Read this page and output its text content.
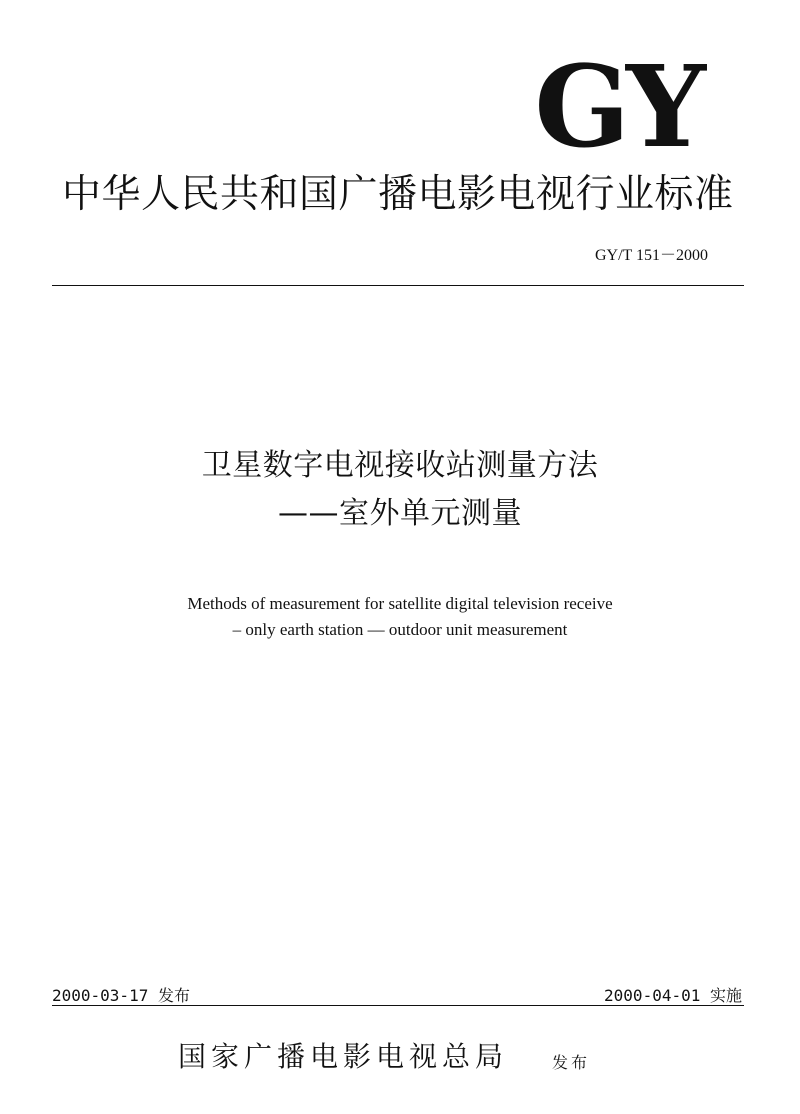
GY
中华人民共和国广播电影电视行业标准
GY/T 151－2000
卫星数字电视接收站测量方法
——室外单元测量
Methods of measurement for satellite digital television receive
– only earth station — outdoor unit measurement
2000-03-17 发布	2000-04-01 实施
国家广播电影电视总局	发布
